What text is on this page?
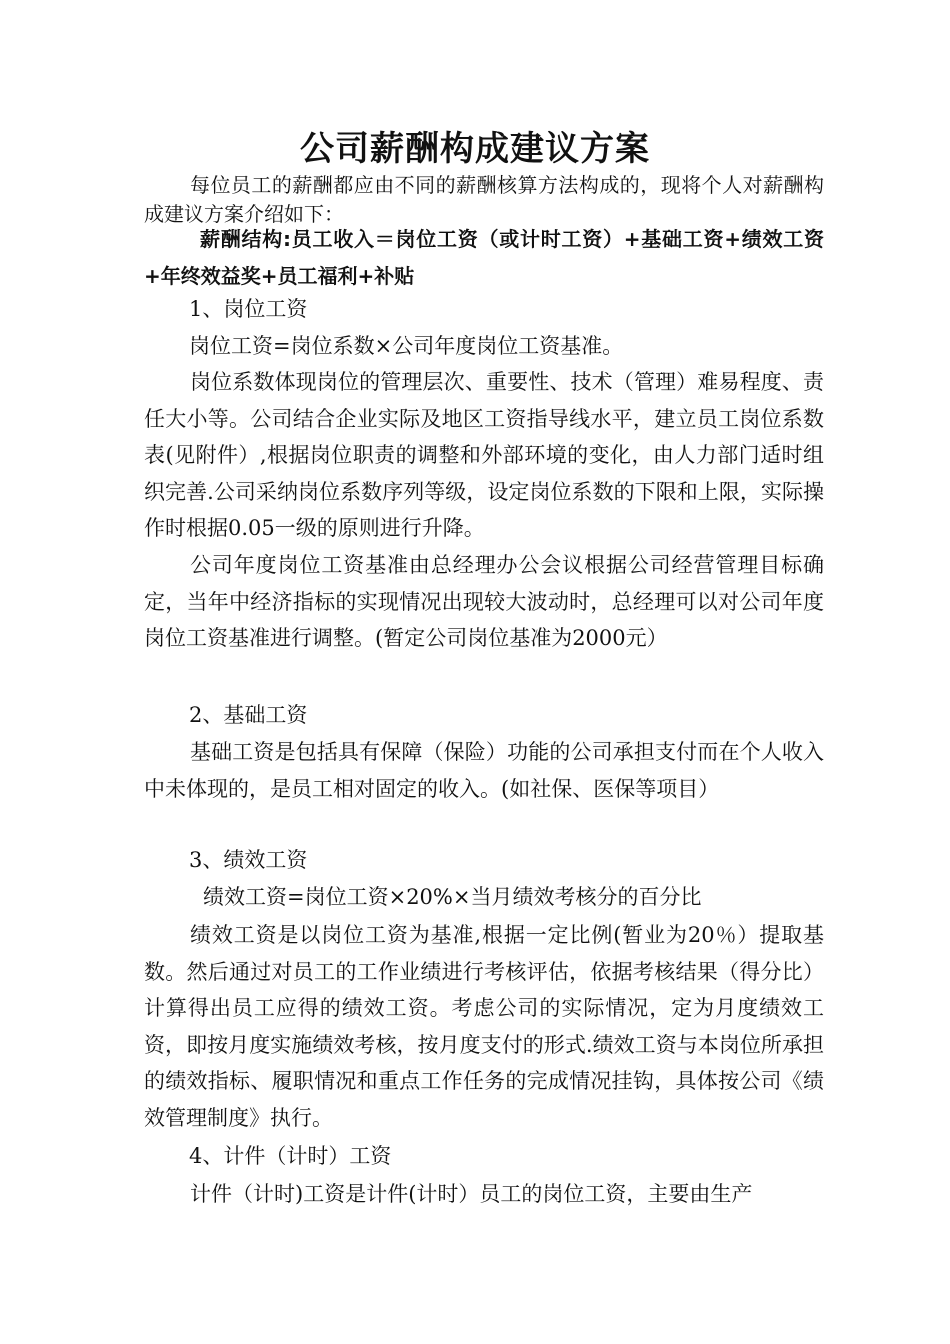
公司薪酬构成建议方案

每位员工的薪酬都应由不同的薪酬核算方法构成的，现将个人对薪酬构成建议方案介绍如下：

薪酬结构:员工收入＝岗位工资（或计时工资）+基础工资+绩效工资+年终效益奖+员工福利+补贴

1、岗位工资

岗位工资=岗位系数×公司年度岗位工资基准。

岗位系数体现岗位的管理层次、重要性、技术（管理）难易程度、责任大小等。公司结合企业实际及地区工资指导线水平，建立员工岗位系数表(见附件）,根据岗位职责的调整和外部环境的变化，由人力部门适时组织完善.公司采纳岗位系数序列等级，设定岗位系数的下限和上限，实际操作时根据0.05一级的原则进行升降。

公司年度岗位工资基准由总经理办公会议根据公司经营管理目标确定，当年中经济指标的实现情况出现较大波动时，总经理可以对公司年度岗位工资基准进行调整。(暂定公司岗位基准为2000元）

2、基础工资

基础工资是包括具有保障（保险）功能的公司承担支付而在个人收入中未体现的，是员工相对固定的收入。(如社保、医保等项目）

3、绩效工资

绩效工资=岗位工资×20%×当月绩效考核分的百分比

绩效工资是以岗位工资为基准,根据一定比例(暂业为20％）提取基数。然后通过对员工的工作业绩进行考核评估，依据考核结果（得分比）计算得出员工应得的绩效工资。考虑公司的实际情况，定为月度绩效工资，即按月度实施绩效考核，按月度支付的形式.绩效工资与本岗位所承担的绩效指标、履职情况和重点工作任务的完成情况挂钩，具体按公司《绩效管理制度》执行。

4、计件（计时）工资

计件（计时)工资是计件(计时）员工的岗位工资，主要由生产
